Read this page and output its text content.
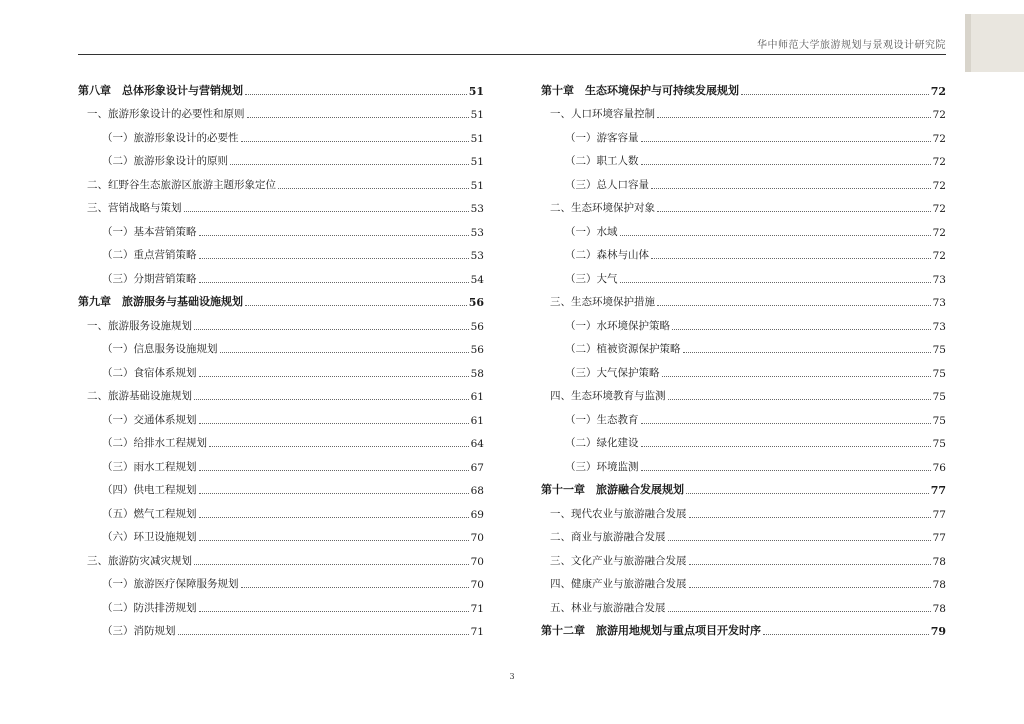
华中师范大学旅游规划与景观设计研究院
第八章　总体形象设计与营销规划	51
一、旅游形象设计的必要性和原则	51
（一）旅游形象设计的必要性	51
（二）旅游形象设计的原则	51
二、红野谷生态旅游区旅游主题形象定位	51
三、营销战略与策划	53
（一）基本营销策略	53
（二）重点营销策略	53
（三）分期营销策略	54
第九章　旅游服务与基础设施规划	56
一、旅游服务设施规划	56
（一）信息服务设施规划	56
（二）食宿体系规划	58
二、旅游基础设施规划	61
（一）交通体系规划	61
（二）给排水工程规划	64
（三）雨水工程规划	67
（四）供电工程规划	68
（五）燃气工程规划	69
（六）环卫设施规划	70
三、旅游防灾减灾规划	70
（一）旅游医疗保障服务规划	70
（二）防洪排涝规划	71
（三）消防规划	71
第十章　生态环境保护与可持续发展规划	72
一、人口环境容量控制	72
（一）游客容量	72
（二）职工人数	72
（三）总人口容量	72
二、生态环境保护对象	72
（一）水域	72
（二）森林与山体	72
（三）大气	73
三、生态环境保护措施	73
（一）水环境保护策略	73
（二）植被资源保护策略	75
（三）大气保护策略	75
四、生态环境教育与监测	75
（一）生态教育	75
（二）绿化建设	75
（三）环境监测	76
第十一章　旅游融合发展规划	77
一、现代农业与旅游融合发展	77
二、商业与旅游融合发展	77
三、文化产业与旅游融合发展	78
四、健康产业与旅游融合发展	78
五、林业与旅游融合发展	78
第十二章　旅游用地规划与重点项目开发时序	79
3
